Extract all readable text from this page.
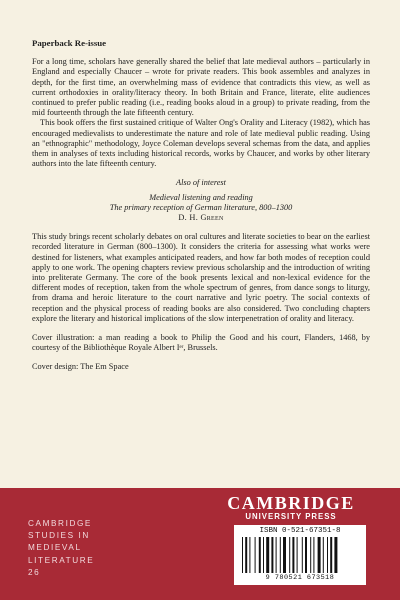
Paperback Re-issue

For a long time, scholars have generally shared the belief that late medieval authors – particularly in England and especially Chaucer – wrote for private readers. This book assembles and analyzes in depth, for the first time, an overwhelming mass of evidence that contradicts this view, as well as current orthodoxies in orality/literacy theory. In both Britain and France, literate, elite audiences continued to prefer public reading (i.e., reading books aloud in a group) to private reading, from the mid fourteenth through the late fifteenth century.

This book offers the first sustained critique of Walter Ong's Orality and Literacy (1982), which has encouraged medievalists to underestimate the nature and role of late medieval public reading. Using an "ethnographic" methodology, Joyce Coleman develops several schemas from the data, and applies them in analyses of texts including historical records, works by Chaucer, and works by other literary authors into the late fifteenth century.

Also of interest
Medieval listening and reading
The primary reception of German literature, 800–1300
D. H. Green

This study brings recent scholarly debates on oral cultures and literate societies to bear on the earliest recorded literature in German (800–1300). It considers the criteria for assessing what works were destined for listeners, what examples anticipated readers, and how far both modes of reception could apply to one work. The opening chapters review previous scholarship and the introduction of writing into preliterate Germany. The core of the book presents lexical and non-lexical evidence for the different modes of reception, taken from the whole spectrum of genres, from dance songs to liturgy, from drama and heroic literature to the court narrative and lyric poetry. The social contexts of reception and the physical process of reading books are also considered. Two concluding chapters explore the literary and historical implications of the slow interpenetration of orality and literacy.

Cover illustration: a man reading a book to Philip the Good and his court, Flanders, 1468, by courtesy of the Bibliothèque Royale Albert Iᵉʳ, Brussels.

Cover design: The Em Space

CAMBRIDGE
STUDIES IN
MEDIEVAL
LITERATURE
26
CAMBRIDGE
UNIVERSITY PRESS
ISBN 0-521-67351-8
9 780521 673518
